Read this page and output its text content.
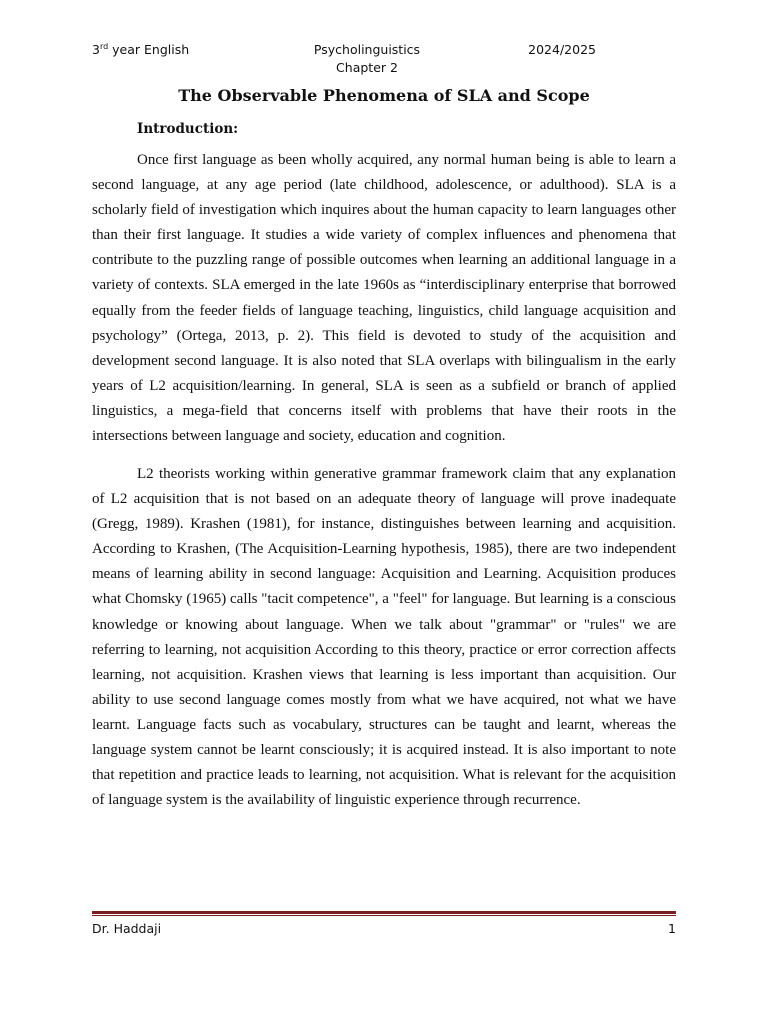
3rd year English	Psycholinguistics	2024/2025
Chapter 2
The Observable Phenomena of SLA and Scope
Introduction:

Once first language as been wholly acquired, any normal human being is able to learn a second language, at any age period (late childhood, adolescence, or adulthood). SLA is a scholarly field of investigation which inquires about the human capacity to learn languages other than their first language. It studies a wide variety of complex influences and phenomena that contribute to the puzzling range of possible outcomes when learning an additional language in a variety of contexts. SLA emerged in the late 1960s as “interdisciplinary enterprise that borrowed equally from the feeder fields of language teaching, linguistics, child language acquisition and psychology” (Ortega, 2013, p. 2). This field is devoted to study of the acquisition and development second language. It is also noted that SLA overlaps with bilingualism in the early years of L2 acquisition/learning. In general, SLA is seen as a subfield or branch of applied linguistics, a mega-field that concerns itself with problems that have their roots in the intersections between language and society, education and cognition.

L2 theorists working within generative grammar framework claim that any explanation of L2 acquisition that is not based on an adequate theory of language will prove inadequate (Gregg, 1989). Krashen (1981), for instance, distinguishes between learning and acquisition. According to Krashen, (The Acquisition-Learning hypothesis, 1985), there are two independent means of learning ability in second language: Acquisition and Learning. Acquisition produces what Chomsky (1965) calls "tacit competence", a "feel" for language. But learning is a conscious knowledge or knowing about language. When we talk about "grammar" or "rules" we are referring to learning, not acquisition According to this theory, practice or error correction affects learning, not acquisition. Krashen views that learning is less important than acquisition. Our ability to use second language comes mostly from what we have acquired, not what we have learnt. Language facts such as vocabulary, structures can be taught and learnt, whereas the language system cannot be learnt consciously; it is acquired instead. It is also important to note that repetition and practice leads to learning, not acquisition. What is relevant for the acquisition of language system is the availability of linguistic experience through recurrence.

Dr. Haddaji	1
